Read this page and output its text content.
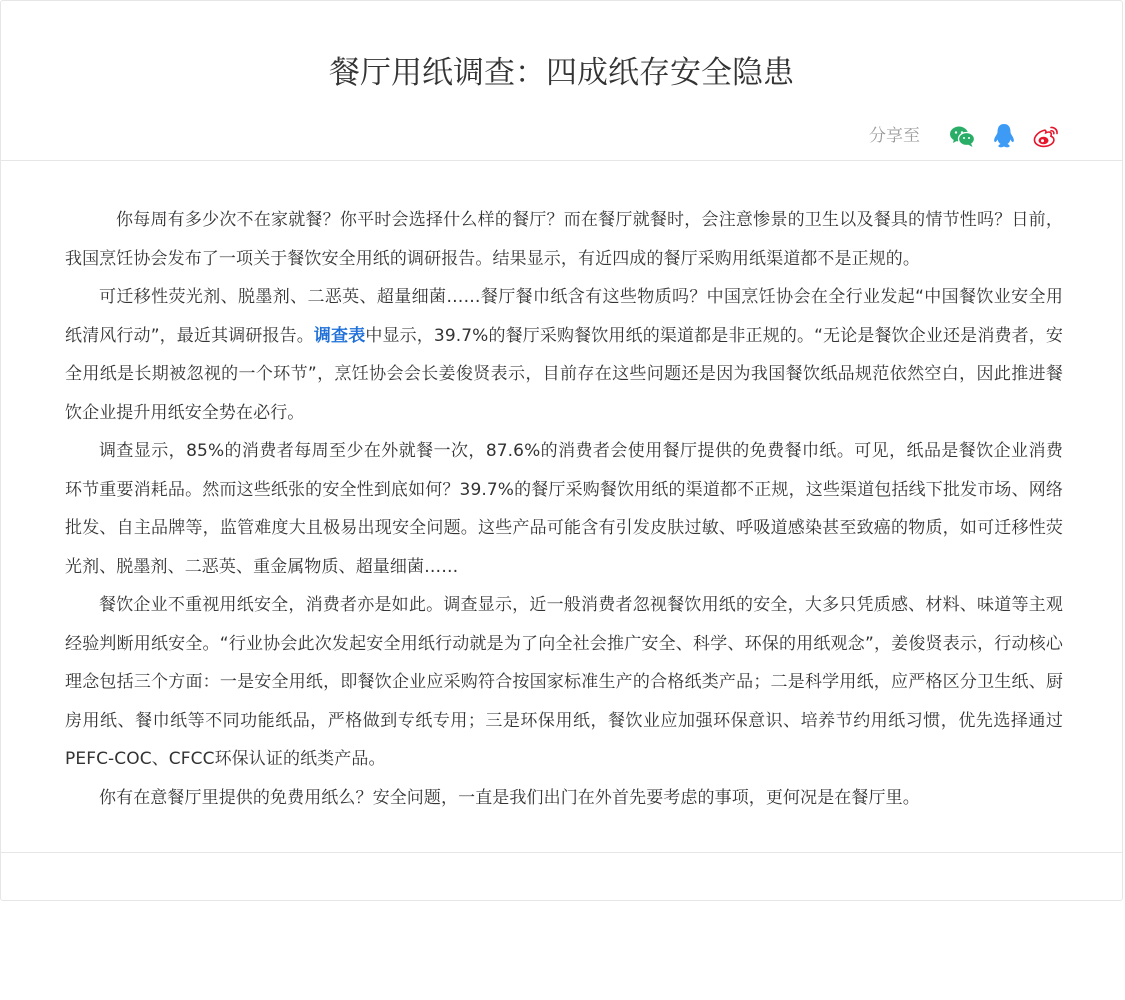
餐厅用纸调查：四成纸存安全隐患
分享至

你每周有多少次不在家就餐？你平时会选择什么样的餐厅？而在餐厅就餐时，会注意惨景的卫生以及餐具的情节性吗？日前，我国烹饪协会发布了一项关于餐饮安全用纸的调研报告。结果显示，有近四成的餐厅采购用纸渠道都不是正规的。

可迁移性荧光剂、脱墨剂、二恶英、超量细菌……餐厅餐巾纸含有这些物质吗？中国烹饪协会在全行业发起“中国餐饮业安全用纸清风行动”，最近其调研报告。调查表中显示，39.7%的餐厅采购餐饮用纸的渠道都是非正规的。“无论是餐饮企业还是消费者，安全用纸是长期被忽视的一个环节”，烹饪协会会长姜俊贤表示，目前存在这些问题还是因为我国餐饮纸品规范依然空白，因此推进餐饮企业提升用纸安全势在必行。

调查显示，85%的消费者每周至少在外就餐一次，87.6%的消费者会使用餐厅提供的免费餐巾纸。可见，纸品是餐饮企业消费环节重要消耗品。然而这些纸张的安全性到底如何？39.7%的餐厅采购餐饮用纸的渠道都不正规，这些渠道包括线下批发市场、网络批发、自主品牌等，监管难度大且极易出现安全问题。这些产品可能含有引发皮肤过敏、呼吸道感染甚至致癌的物质，如可迁移性荧光剂、脱墨剂、二恶英、重金属物质、超量细菌……

餐饮企业不重视用纸安全，消费者亦是如此。调查显示，近一般消费者忽视餐饮用纸的安全，大多只凭质感、材料、味道等主观经验判断用纸安全。“行业协会此次发起安全用纸行动就是为了向全社会推广安全、科学、环保的用纸观念”，姜俊贤表示，行动核心理念包括三个方面：一是安全用纸，即餐饮企业应采购符合按国家标准生产的合格纸类产品；二是科学用纸，应严格区分卫生纸、厨房用纸、餐巾纸等不同功能纸品，严格做到专纸专用；三是环保用纸，餐饮业应加强环保意识、培养节约用纸习惯，优先选择通过PEFC-COC、CFCC环保认证的纸类产品。

你有在意餐厅里提供的免费用纸么？安全问题，一直是我们出门在外首先要考虑的事项，更何况是在餐厅里。
